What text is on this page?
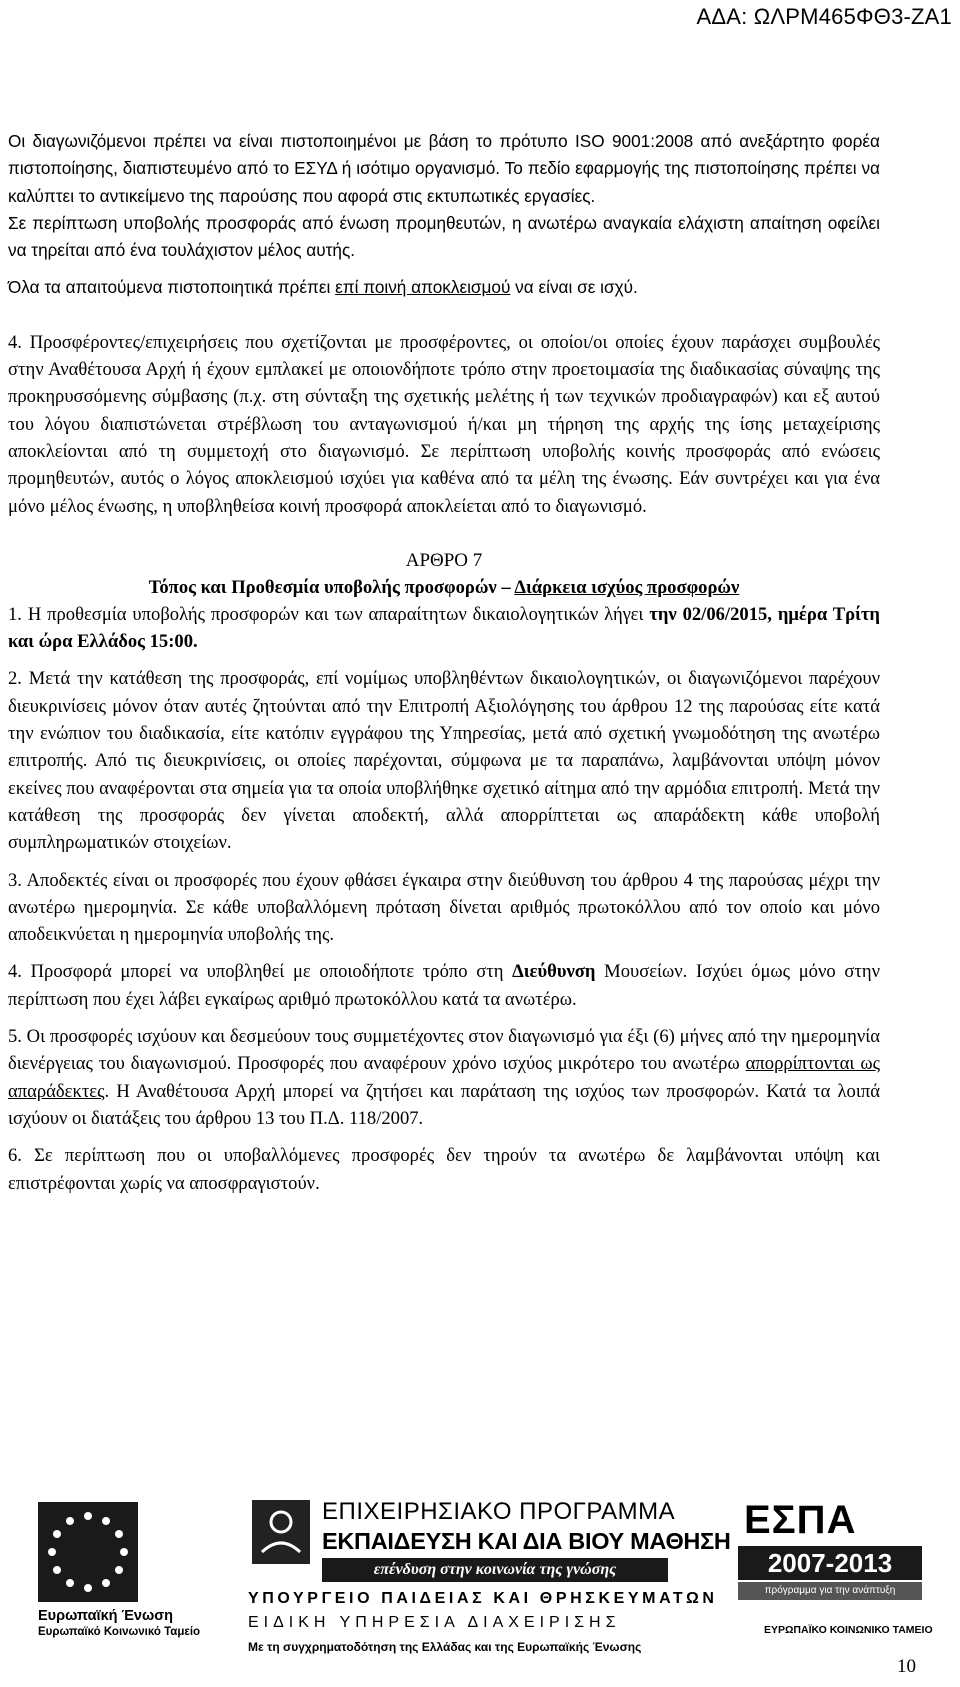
ΑΔΑ: ΩΛΡΜ465ΦΘ3-ΖΑ1

Οι διαγωνιζόμενοι πρέπει να είναι πιστοποιημένοι με βάση το πρότυπο ISO 9001:2008 από ανεξάρτητο φορέα πιστοποίησης, διαπιστευμένο από το ΕΣΥΔ ή ισότιμο οργανισμό. Το πεδίο εφαρμογής της πιστοποίησης πρέπει να καλύπτει το αντικείμενο της παρούσης που αφορά στις εκτυπωτικές εργασίες.

Σε περίπτωση υποβολής προσφοράς από ένωση προμηθευτών, η ανωτέρω αναγκαία ελάχιστη απαίτηση οφείλει να τηρείται από ένα τουλάχιστον μέλος αυτής.

Όλα τα απαιτούμενα πιστοποιητικά πρέπει επί ποινή αποκλεισμού να είναι σε ισχύ.

4. Προσφέροντες/επιχειρήσεις που σχετίζονται με προσφέροντες, οι οποίοι/οι οποίες έχουν παράσχει συμβουλές στην Αναθέτουσα Αρχή ή έχουν εμπλακεί με οποιονδήποτε τρόπο στην προετοιμασία της διαδικασίας σύναψης της προκηρυσσόμενης σύμβασης (π.χ. στη σύνταξη της σχετικής μελέτης ή των τεχνικών προδιαγραφών) και εξ αυτού του λόγου διαπιστώνεται στρέβλωση του ανταγωνισμού ή/και μη τήρηση της αρχής της ίσης μεταχείρισης αποκλείονται από τη συμμετοχή στο διαγωνισμό. Σε περίπτωση υποβολής κοινής προσφοράς από ενώσεις προμηθευτών, αυτός ο λόγος αποκλεισμού ισχύει για καθένα από τα μέλη της ένωσης. Εάν συντρέχει και για ένα μόνο μέλος ένωσης, η υποβληθείσα κοινή προσφορά αποκλείεται από το διαγωνισμό.

ΑΡΘΡΟ 7

Τόπος και Προθεσμία υποβολής προσφορών – Διάρκεια ισχύος προσφορών

1. Η προθεσμία υποβολής προσφορών και των απαραίτητων δικαιολογητικών λήγει την 02/06/2015, ημέρα Τρίτη και ώρα Ελλάδος 15:00.

2. Μετά την κατάθεση της προσφοράς, επί νομίμως υποβληθέντων δικαιολογητικών, οι διαγωνιζόμενοι παρέχουν διευκρινίσεις μόνον όταν αυτές ζητούνται από την Επιτροπή Αξιολόγησης του άρθρου 12 της παρούσας είτε κατά την ενώπιον του διαδικασία, είτε κατόπιν εγγράφου της Υπηρεσίας, μετά από σχετική γνωμοδότηση της ανωτέρω επιτροπής. Από τις διευκρινίσεις, οι οποίες παρέχονται, σύμφωνα με τα παραπάνω, λαμβάνονται υπόψη μόνον εκείνες που αναφέρονται στα σημεία για τα οποία υποβλήθηκε σχετικό αίτημα από την αρμόδια επιτροπή. Μετά την κατάθεση της προσφοράς δεν γίνεται αποδεκτή, αλλά απορρίπτεται ως απαράδεκτη κάθε υποβολή συμπληρωματικών στοιχείων.

3. Αποδεκτές είναι οι προσφορές που έχουν φθάσει έγκαιρα στην διεύθυνση του άρθρου 4 της παρούσας μέχρι την ανωτέρω ημερομηνία. Σε κάθε υποβαλλόμενη πρόταση δίνεται αριθμός πρωτοκόλλου από τον οποίο και μόνο αποδεικνύεται η ημερομηνία υποβολής της.

4. Προσφορά μπορεί να υποβληθεί με οποιοδήποτε τρόπο στη Διεύθυνση Μουσείων. Ισχύει όμως μόνο στην περίπτωση που έχει λάβει εγκαίρως αριθμό πρωτοκόλλου κατά τα ανωτέρω.

5. Οι προσφορές ισχύουν και δεσμεύουν τους συμμετέχοντες στον διαγωνισμό για έξι (6) μήνες από την ημερομηνία διενέργειας του διαγωνισμού. Προσφορές που αναφέρουν χρόνο ισχύος μικρότερο του ανωτέρω απορρίπτονται ως απαράδεκτες. Η Αναθέτουσα Αρχή μπορεί να ζητήσει και παράταση της ισχύος των προσφορών. Κατά τα λοιπά ισχύουν οι διατάξεις του άρθρου 13 του Π.Δ. 118/2007.

6. Σε περίπτωση που οι υποβαλλόμενες προσφορές δεν τηρούν τα ανωτέρω δε λαμβάνονται υπόψη και επιστρέφονται χωρίς να αποσφραγιστούν.

Ευρωπαϊκή Ένωση
Ευρωπαϊκό Κοινωνικό Ταμείο
ΕΠΙΧΕΙΡΗΣΙΑΚΟ ΠΡΟΓΡΑΜΜΑ
ΕΚΠΑΙΔΕΥΣΗ ΚΑΙ ΔΙΑ ΒΙΟΥ ΜΑΘΗΣΗ
επένδυση στην κοινωνία της γνώσης
ΥΠΟΥΡΓΕΙΟ ΠΑΙΔΕΙΑΣ ΚΑΙ ΘΡΗΣΚΕΥΜΑΤΩΝ
ΕΙΔΙΚΗ ΥΠΗΡΕΣΙΑ ΔΙΑΧΕΙΡΙΣΗΣ
Με τη συγχρηματοδότηση της Ελλάδας και της Ευρωπαϊκής Ένωσης
ΕΣΠΑ
2007-2013
πρόγραμμα για την ανάπτυξη
ΕΥΡΩΠΑΪΚΟ ΚΟΙΝΩΝΙΚΟ ΤΑΜΕΙΟ
10
